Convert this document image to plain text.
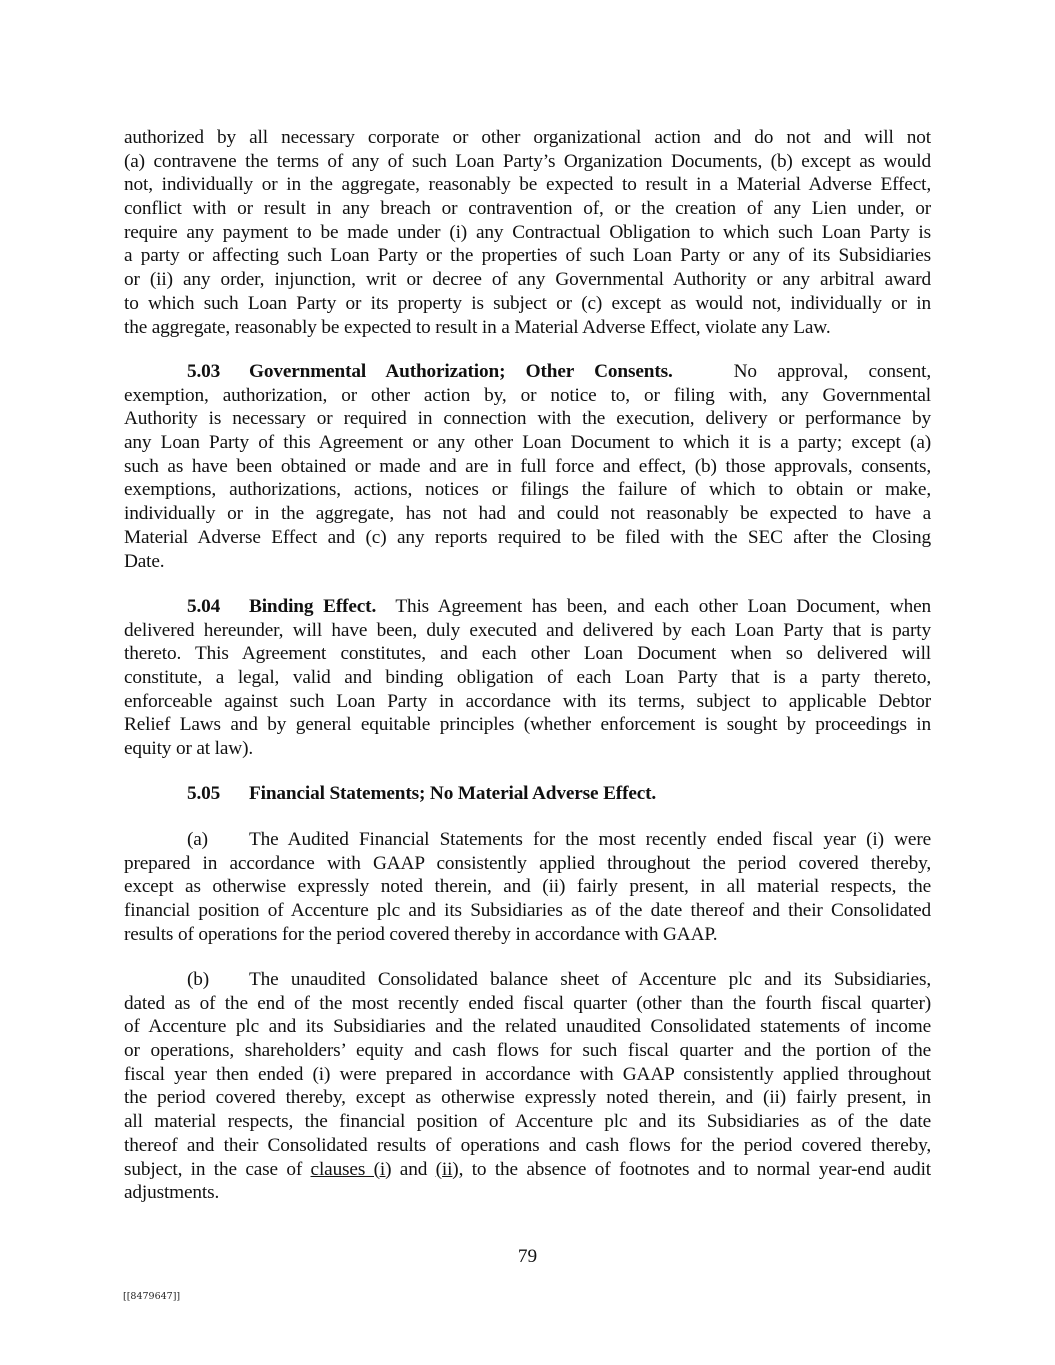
authorized by all necessary corporate or other organizational action and do not and will not
(a) contravene the terms of any of such Loan Party’s Organization Documents, (b) except as would
not, individually or in the aggregate, reasonably be expected to result in a Material Adverse Effect,
conflict with or result in any breach or contravention of, or the creation of any Lien under, or
require any payment to be made under (i) any Contractual Obligation to which such Loan Party is
a party or affecting such Loan Party or the properties of such Loan Party or any of its Subsidiaries
or (ii) any order, injunction, writ or decree of any Governmental Authority or any arbitral award
to which such Loan Party or its property is subject or (c) except as would not, individually or in
the aggregate, reasonably be expected to result in a Material Adverse Effect, violate any Law.
5.03 Governmental Authorization; Other Consents.	No approval, consent,
exemption, authorization, or other action by, or notice to, or filing with, any Governmental
Authority is necessary or required in connection with the execution, delivery or performance by
any Loan Party of this Agreement or any other Loan Document to which it is a party; except (a)
such as have been obtained or made and are in full force and effect, (b) those approvals, consents,
exemptions, authorizations, actions, notices or filings the failure of which to obtain or make,
individually or in the aggregate, has not had and could not reasonably be expected to have a
Material Adverse Effect and (c) any reports required to be filed with the SEC after the Closing
Date.
5.04 Binding Effect. This Agreement has been, and each other Loan Document, when
delivered hereunder, will have been, duly executed and delivered by each Loan Party that is party
thereto. This Agreement constitutes, and each other Loan Document when so delivered will
constitute, a legal, valid and binding obligation of each Loan Party that is a party thereto,
enforceable against such Loan Party in accordance with its terms, subject to applicable Debtor
Relief Laws and by general equitable principles (whether enforcement is sought by proceedings in
equity or at law).
5.05 Financial Statements; No Material Adverse Effect.
(a) The Audited Financial Statements for the most recently ended fiscal year (i) were
prepared in accordance with GAAP consistently applied throughout the period covered thereby,
except as otherwise expressly noted therein, and (ii) fairly present, in all material respects, the
financial position of Accenture plc and its Subsidiaries as of the date thereof and their Consolidated
results of operations for the period covered thereby in accordance with GAAP.
(b) The unaudited Consolidated balance sheet of Accenture plc and its Subsidiaries,
dated as of the end of the most recently ended fiscal quarter (other than the fourth fiscal quarter)
of Accenture plc and its Subsidiaries and the related unaudited Consolidated statements of income
or operations, shareholders’ equity and cash flows for such fiscal quarter and the portion of the
fiscal year then ended (i) were prepared in accordance with GAAP consistently applied throughout
the period covered thereby, except as otherwise expressly noted therein, and (ii) fairly present, in
all material respects, the financial position of Accenture plc and its Subsidiaries as of the date
thereof and their Consolidated results of operations and cash flows for the period covered thereby,
subject, in the case of clauses (i) and (ii), to the absence of footnotes and to normal year-end audit
adjustments.
79
[[8479647]]
